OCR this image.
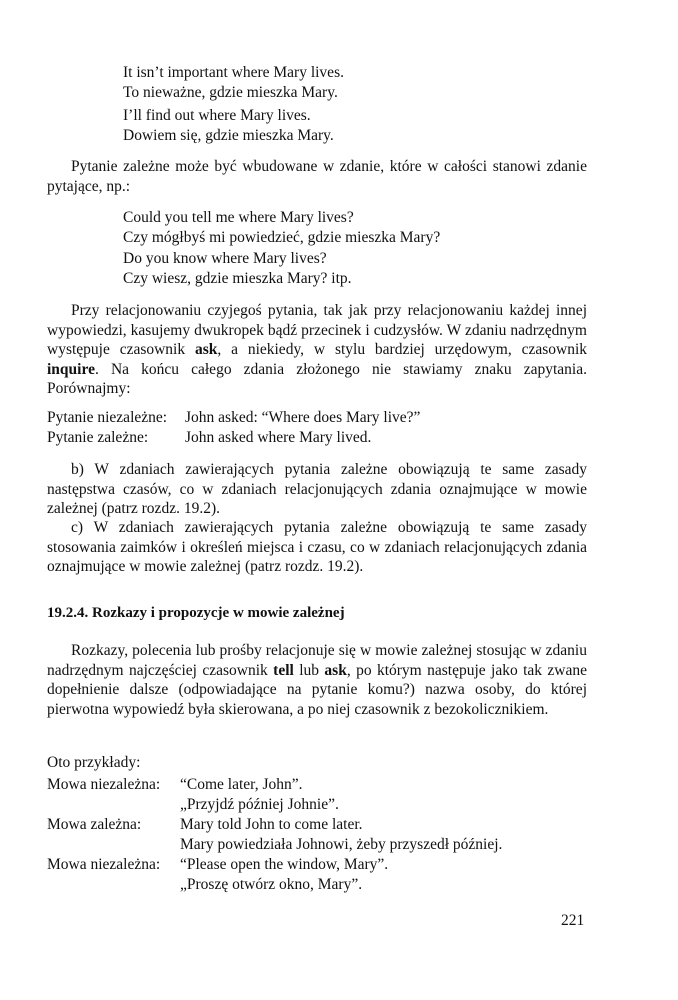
It isn’t important where Mary lives.
To nieważne, gdzie mieszka Mary.
I’ll find out where Mary lives.
Dowiem się, gdzie mieszka Mary.
Pytanie zależne może być wbudowane w zdanie, które w całości stanowi zdanie pytające, np.:
Could you tell me where Mary lives?
Czy mógłbyś mi powiedzieć, gdzie mieszka Mary?
Do you know where Mary lives?
Czy wiesz, gdzie mieszka Mary? itp.
Przy relacjonowaniu czyjegoś pytania, tak jak przy relacjonowaniu każdej innej wypowiedzi, kasujemy dwukropek bądź przecinek i cudzysłów. W zdaniu nadrzędnym występuje czasownik ask, a niekiedy, w stylu bardziej urzędowym, czasownik inquire. Na końcu całego zdania złożonego nie stawiamy znaku zapytania. Porównajmy:
Pytanie niezależne: John asked: “Where does Mary live?”
Pytanie zależne: John asked where Mary lived.
b) W zdaniach zawierających pytania zależne obowiązują te same zasady następstwa czasów, co w zdaniach relacjonujących zdania oznajmujące w mowie zależnej (patrz rozdz. 19.2).
c) W zdaniach zawierających pytania zależne obowiązują te same zasady stosowania zaimków i określeń miejsca i czasu, co w zdaniach relacjonujących zdania oznajmujące w mowie zależnej (patrz rozdz. 19.2).
19.2.4. Rozkazy i propozycje w mowie zależnej
Rozkazy, polecenia lub prośby relacjonuje się w mowie zależnej stosując w zdaniu nadrzędnym najczęściej czasownik tell lub ask, po którym następuje jako tak zwane dopełnienie dalsze (odpowiadające na pytanie komu?) nazwa osoby, do której pierwotna wypowiedź była skierowana, a po niej czasownik z bezokolicznikiem.
Oto przykłady:
Mowa niezależna: “Come later, John”.
„Przyjdź później Johnie”.
Mowa zależna:	Mary told John to come later.
Mary powiedziała Johnowi, żeby przyszedł później.
Mowa niezależna: “Please open the window, Mary”.
„Proszę otwórz okno, Mary”.
221
